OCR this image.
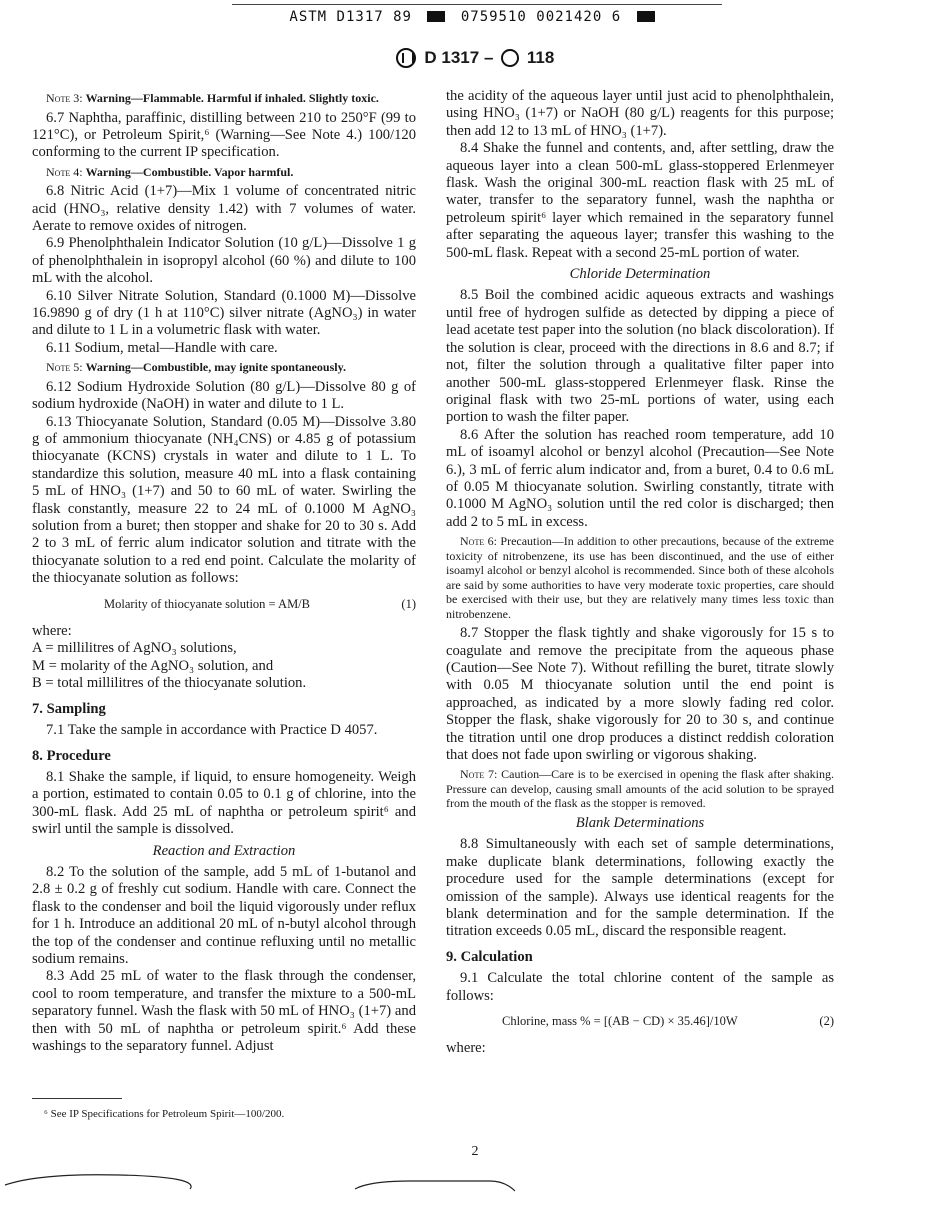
ASTM D1317 89	0759510 0021420 6
D 1317 – 118
Note 3: Warning—Flammable. Harmful if inhaled. Slightly toxic.

6.7 Naphtha, paraffinic, distilling between 210 to 250°F (99 to 121°C), or Petroleum Spirit,⁶ (Warning—See Note 4.) 100/120 conforming to the current IP specification.

Note 4: Warning—Combustible. Vapor harmful.

6.8 Nitric Acid (1+7)—Mix 1 volume of concentrated nitric acid (HNO₃, relative density 1.42) with 7 volumes of water. Aerate to remove oxides of nitrogen.

6.9 Phenolphthalein Indicator Solution (10 g/L)—Dissolve 1 g of phenolphthalein in isopropyl alcohol (60 %) and dilute to 100 mL with the alcohol.

6.10 Silver Nitrate Solution, Standard (0.1000 M)—Dissolve 16.9890 g of dry (1 h at 110°C) silver nitrate (AgNO₃) in water and dilute to 1 L in a volumetric flask with water.

6.11 Sodium, metal—Handle with care.

Note 5: Warning—Combustible, may ignite spontaneously.

6.12 Sodium Hydroxide Solution (80 g/L)—Dissolve 80 g of sodium hydroxide (NaOH) in water and dilute to 1 L.

6.13 Thiocyanate Solution, Standard (0.05 M)—Dissolve 3.80 g of ammonium thiocyanate (NH₄CNS) or 4.85 g of potassium thiocyanate (KCNS) crystals in water and dilute to 1 L. To standardize this solution, measure 40 mL into a flask containing 5 mL of HNO₃ (1+7) and 50 to 60 mL of water. Swirling the flask constantly, measure 22 to 24 mL of 0.1000 M AgNO₃ solution from a buret; then stopper and shake for 20 to 30 s. Add 2 to 3 mL of ferric alum indicator solution and titrate with the thiocyanate solution to a red end point. Calculate the molarity of the thiocyanate solution as follows:

Molarity of thiocyanate solution = AM/B	(1)

where:

A = millilitres of AgNO₃ solutions,

M = molarity of the AgNO₃ solution, and

B = total millilitres of the thiocyanate solution.

7. Sampling

7.1 Take the sample in accordance with Practice D 4057.

8. Procedure

8.1 Shake the sample, if liquid, to ensure homogeneity. Weigh a portion, estimated to contain 0.05 to 0.1 g of chlorine, into the 300-mL flask. Add 25 mL of naphtha or petroleum spirit⁶ and swirl until the sample is dissolved.

Reaction and Extraction

8.2 To the solution of the sample, add 5 mL of 1-butanol and 2.8 ± 0.2 g of freshly cut sodium. Handle with care. Connect the flask to the condenser and boil the liquid vigorously under reflux for 1 h. Introduce an additional 20 mL of n-butyl alcohol through the top of the condenser and continue refluxing until no metallic sodium remains.

8.3 Add 25 mL of water to the flask through the condenser, cool to room temperature, and transfer the mixture to a 500-mL separatory funnel. Wash the flask with 50 mL of HNO₃ (1+7) and then with 50 mL of naphtha or petroleum spirit.⁶ Add these washings to the separatory funnel. Adjust

the acidity of the aqueous layer until just acid to phenolphthalein, using HNO₃ (1+7) or NaOH (80 g/L) reagents for this purpose; then add 12 to 13 mL of HNO₃ (1+7).

8.4 Shake the funnel and contents, and, after settling, draw the aqueous layer into a clean 500-mL glass-stoppered Erlenmeyer flask. Wash the original 300-mL reaction flask with 25 mL of water, transfer to the separatory funnel, wash the naphtha or petroleum spirit⁶ layer which remained in the separatory funnel after separating the aqueous layer; transfer this washing to the 500-mL flask. Repeat with a second 25-mL portion of water.

Chloride Determination

8.5 Boil the combined acidic aqueous extracts and washings until free of hydrogen sulfide as detected by dipping a piece of lead acetate test paper into the solution (no black discoloration). If the solution is clear, proceed with the directions in 8.6 and 8.7; if not, filter the solution through a qualitative filter paper into another 500-mL glass-stoppered Erlenmeyer flask. Rinse the original flask with two 25-mL portions of water, using each portion to wash the filter paper.

8.6 After the solution has reached room temperature, add 10 mL of isoamyl alcohol or benzyl alcohol (Precaution—See Note 6.), 3 mL of ferric alum indicator and, from a buret, 0.4 to 0.6 mL of 0.05 M thiocyanate solution. Swirling constantly, titrate with 0.1000 M AgNO₃ solution until the red color is discharged; then add 2 to 5 mL in excess.

Note 6: Precaution—In addition to other precautions, because of the extreme toxicity of nitrobenzene, its use has been discontinued, and the use of either isoamyl alcohol or benzyl alcohol is recommended. Since both of these alcohols are said by some authorities to have very moderate toxic properties, care should be exercised with their use, but they are relatively many times less toxic than nitrobenzene.

8.7 Stopper the flask tightly and shake vigorously for 15 s to coagulate and remove the precipitate from the aqueous phase (Caution—See Note 7). Without refilling the buret, titrate slowly with 0.05 M thiocyanate solution until the end point is approached, as indicated by a more slowly fading red color. Stopper the flask, shake vigorously for 20 to 30 s, and continue the titration until one drop produces a distinct reddish coloration that does not fade upon swirling or vigorous shaking.

Note 7: Caution—Care is to be exercised in opening the flask after shaking. Pressure can develop, causing small amounts of the acid solution to be sprayed from the mouth of the flask as the stopper is removed.

Blank Determinations

8.8 Simultaneously with each set of sample determinations, make duplicate blank determinations, following exactly the procedure used for the sample determinations (except for omission of the sample). Always use identical reagents for the blank determination and for the sample determination. If the titration exceeds 0.05 mL, discard the responsible reagent.

9. Calculation

9.1 Calculate the total chlorine content of the sample as follows:

Chlorine, mass % = [(AB − CD) × 35.46]/10W	(2)

where:

⁶ See IP Specifications for Petroleum Spirit—100/200.
2
